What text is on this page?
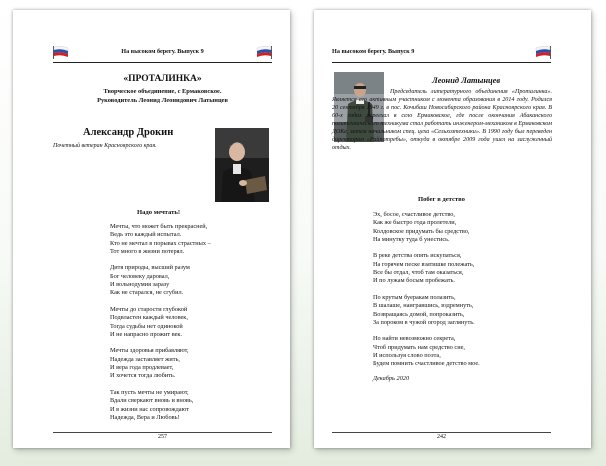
На высоком берегу. Выпуск 9
«ПРОТАЛИНКА»
Творческое объединение, с Ермаковское.
Руководитель Леонид Леонидович Латынцев
Александр Дрокин
Почетный ветеран Красноярского края.
Надо мечтать!
Мечты, что может быть прекрасней,
Ведь это каждый испытал.
Кто не мечтал в порывах страстных –
Тот много в жизни потерял.
Дитя природы, высший разум
Бог человеку даровал,
И вольнодумия заразу
Как не старался, не сгубил.
Мечты до старости глубокой
Подвластен каждый человек,
Тогда судьбы нет одинокой
И не напрасно прожит век.
Мечты здоровья прибавляют,
Надежда заставляет жить,
И вера года продлевает,
И хочется тогда любить.
Так пусть мечты не умирают,
Вдали сверкают вновь и вновь,
И в жизни нас сопровождают
Надежда, Вера и Любовь!
257
На высоком берегу. Выпуск 9
Леонид Латынцев
Председатель литературного объединения «Проталинка». Является его активным участником с момента образования в 2014 году. Родился 20 сентября 1949 г. в пос. Кочибаш Новосибирского района Красноярского края. В 60-х годах переехал в село Ермаковское, где после окончания Абаканского политехнического техникума стал работать инженером-механиком в Ермаковском ДОКе, затем начальником спец. цеха «Сельхозтехники». В 1990 году был переведен директором «Райпотребы», откуда в октябре 2009 года ушел на заслуженный отдых.
Побег в детство
Эх, босое, счастливое детство,
Как же быстро года пролетели,
Колдовское придумать бы средство,
На минутку туда б унестись.
В реке детства опять искупаться,
На горячем песке взатишке полежать,
Все бы отдал, чтоб там оказаться,
И по лужам босым пробежать.
По крутым буеракам полазить,
В шалаше, наигравшись, вздремнуть,
Возвращаясь домой, попроказить,
За пороком в чужой огород заглянуть.
Но найти невозможно секрета,
Чтоб придумать нам средство сие,
И используя слово поэта,
Будем помнить счастливое детство мое.
Декабрь 2020
242
